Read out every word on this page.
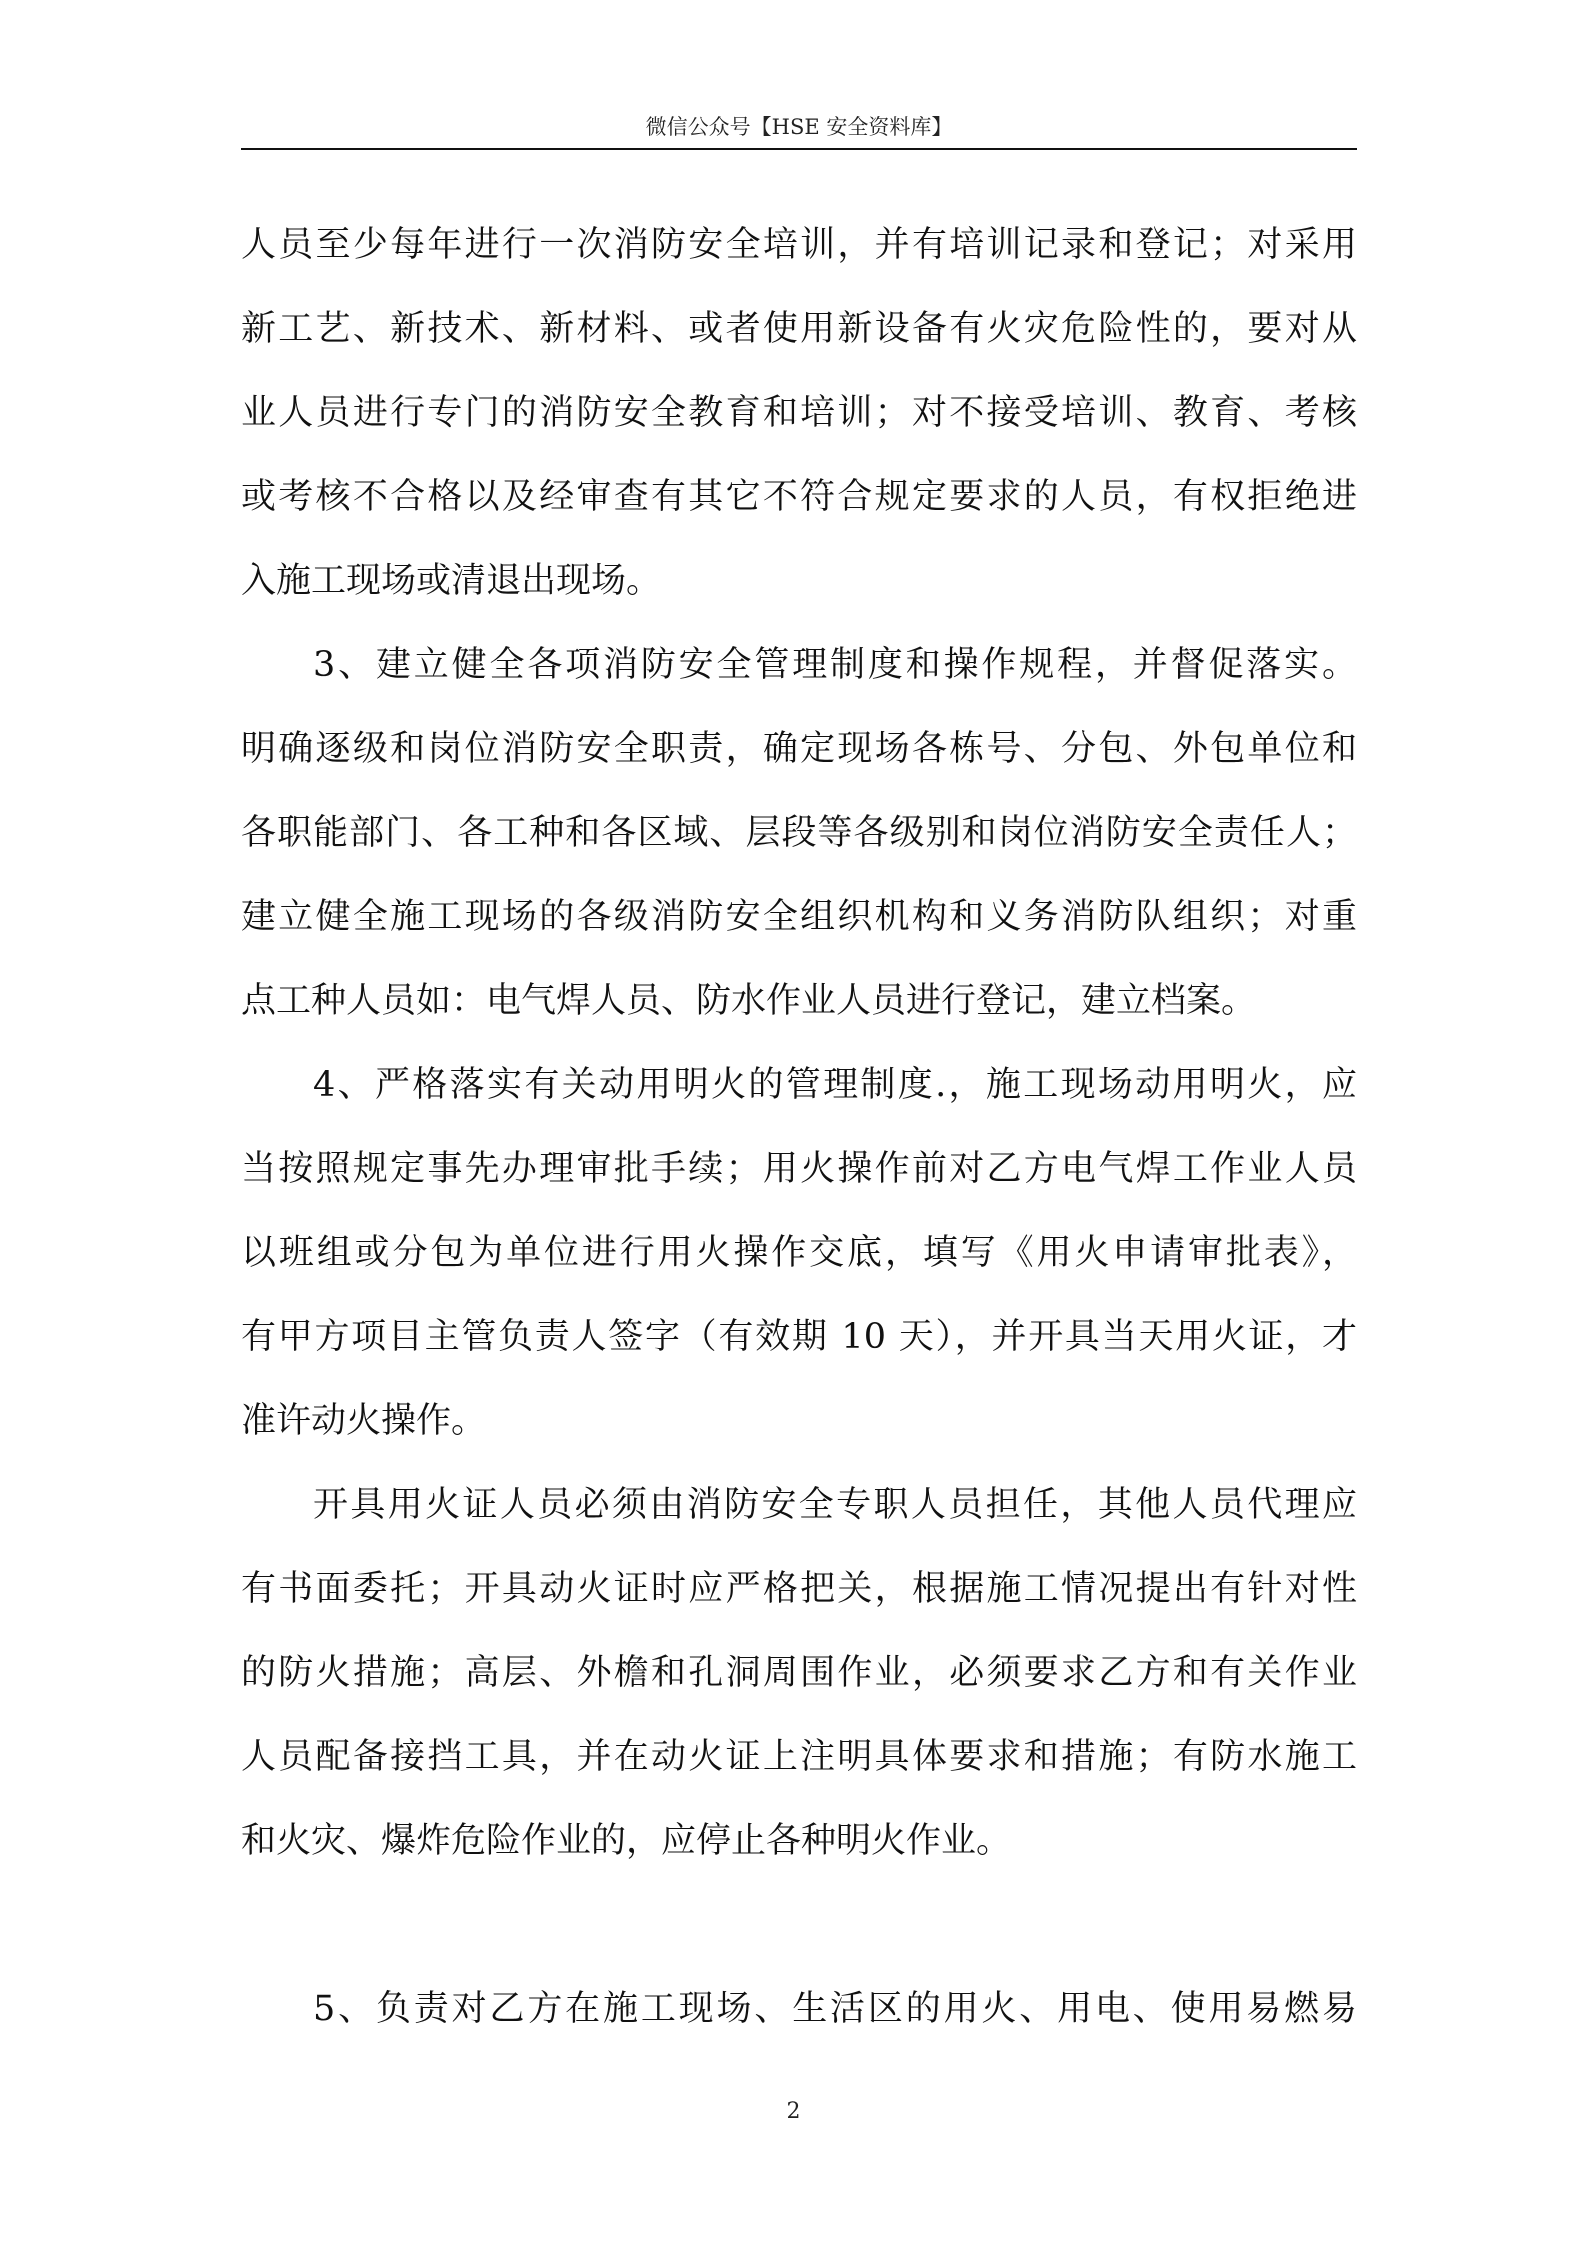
微信公众号【HSE 安全资料库】
人员至少每年进行一次消防安全培训，并有培训记录和登记；对采用
新工艺、新技术、新材料、或者使用新设备有火灾危险性的，要对从
业人员进行专门的消防安全教育和培训；对不接受培训、教育、考核
或考核不合格以及经审查有其它不符合规定要求的人员，有权拒绝进
入施工现场或清退出现场。
3、建立健全各项消防安全管理制度和操作规程，并督促落实。
明确逐级和岗位消防安全职责，确定现场各栋号、分包、外包单位和
各职能部门、各工种和各区域、层段等各级别和岗位消防安全责任人；
建立健全施工现场的各级消防安全组织机构和义务消防队组织；对重
点工种人员如：电气焊人员、防水作业人员进行登记，建立档案。
4、严格落实有关动用明火的管理制度.，施工现场动用明火，应
当按照规定事先办理审批手续；用火操作前对乙方电气焊工作业人员
以班组或分包为单位进行用火操作交底，填写《用火申请审批表》，
有甲方项目主管负责人签字（有效期 10 天），并开具当天用火证，才
准许动火操作。
开具用火证人员必须由消防安全专职人员担任，其他人员代理应
有书面委托；开具动火证时应严格把关，根据施工情况提出有针对性
的防火措施；高层、外檐和孔洞周围作业，必须要求乙方和有关作业
人员配备接挡工具，并在动火证上注明具体要求和措施；有防水施工
和火灾、爆炸危险作业的，应停止各种明火作业。
5、负责对乙方在施工现场、生活区的用火、用电、使用易燃易
2
